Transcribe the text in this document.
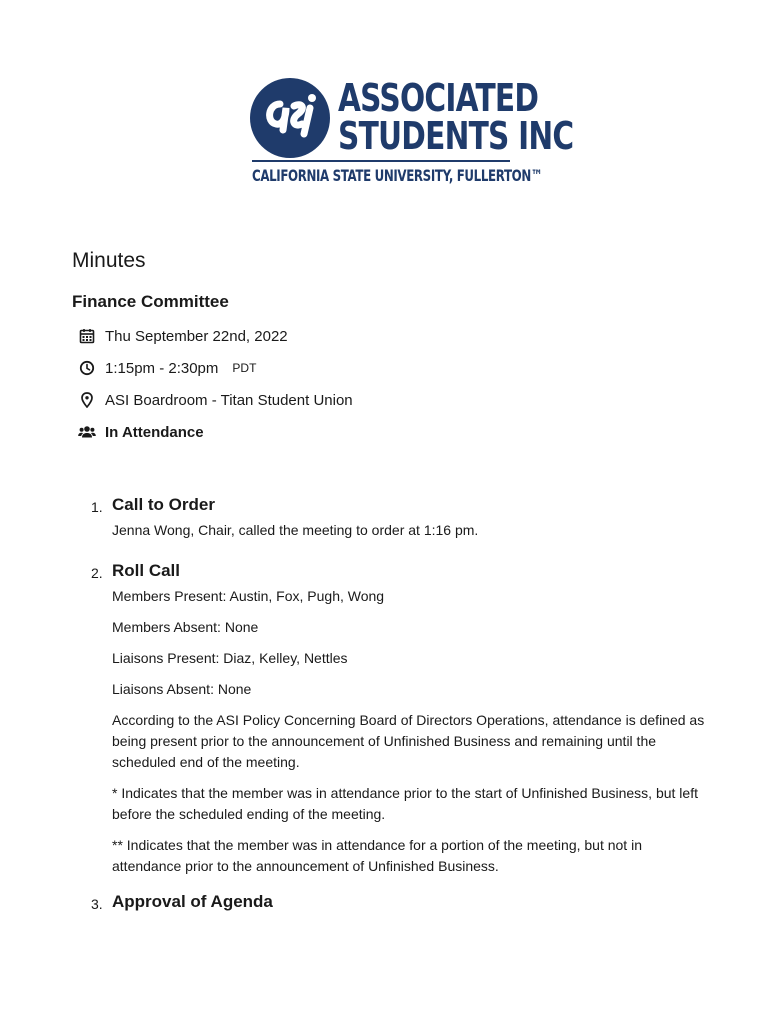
ASSOCIATED
STUDENTS INC
CALIFORNIA STATE UNIVERSITY, FULLERTON™
Minutes
Finance Committee
Thu September 22nd, 2022
1:15pm - 2:30pm PDT
ASI Boardroom - Titan Student Union
In Attendance
1. Call to Order

Jenna Wong, Chair, called the meeting to order at 1:16 pm.

2. Roll Call

Members Present: Austin, Fox, Pugh, Wong

Members Absent: None

Liaisons Present: Diaz, Kelley, Nettles

Liaisons Absent: None

According to the ASI Policy Concerning Board of Directors Operations, attendance is defined as being present prior to the announcement of Unfinished Business and remaining until the scheduled end of the meeting.

* Indicates that the member was in attendance prior to the start of Unfinished Business, but left before the scheduled ending of the meeting.

** Indicates that the member was in attendance for a portion of the meeting, but not in attendance prior to the announcement of Unfinished Business.

3. Approval of Agenda
